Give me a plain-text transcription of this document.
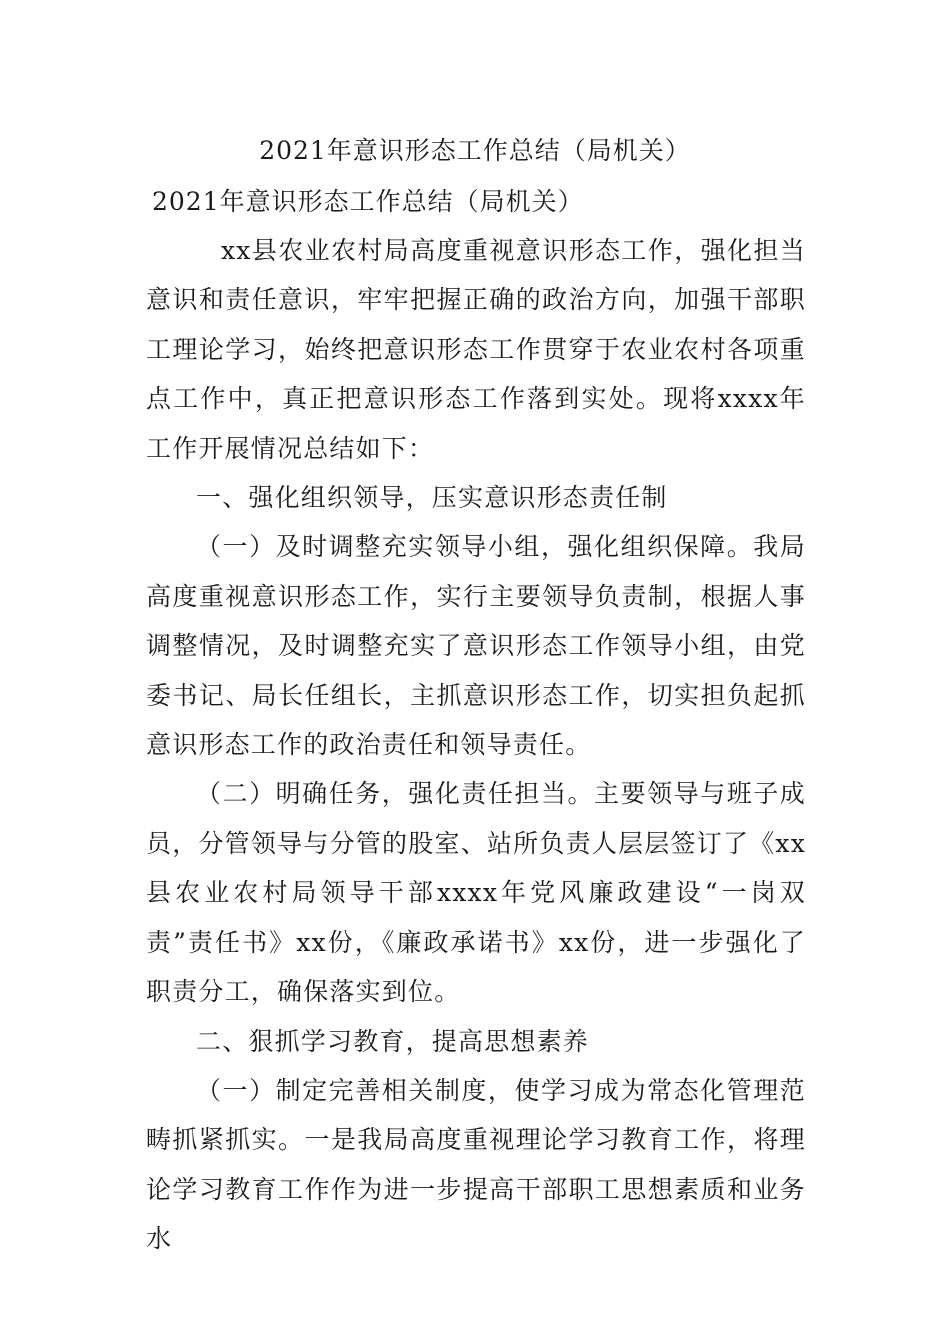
2021年意识形态工作总结（局机关）
2021年意识形态工作总结（局机关）

xx县农业农村局高度重视意识形态工作，强化担当意识和责任意识，牢牢把握正确的政治方向，加强干部职工理论学习，始终把意识形态工作贯穿于农业农村各项重点工作中，真正把意识形态工作落到实处。现将xxxx年工作开展情况总结如下：

一、强化组织领导，压实意识形态责任制

（一）及时调整充实领导小组，强化组织保障。我局高度重视意识形态工作，实行主要领导负责制，根据人事调整情况，及时调整充实了意识形态工作领导小组，由党委书记、局长任组长，主抓意识形态工作，切实担负起抓意识形态工作的政治责任和领导责任。

（二）明确任务，强化责任担当。主要领导与班子成员，分管领导与分管的股室、站所负责人层层签订了《xx县农业农村局领导干部xxxx年党风廉政建设“一岗双责”责任书》xx份，《廉政承诺书》xx份，进一步强化了职责分工，确保落实到位。

二、狠抓学习教育，提高思想素养

（一）制定完善相关制度，使学习成为常态化管理范畴抓紧抓实。一是我局高度重视理论学习教育工作，将理论学习教育工作作为进一步提高干部职工思想素质和业务水
